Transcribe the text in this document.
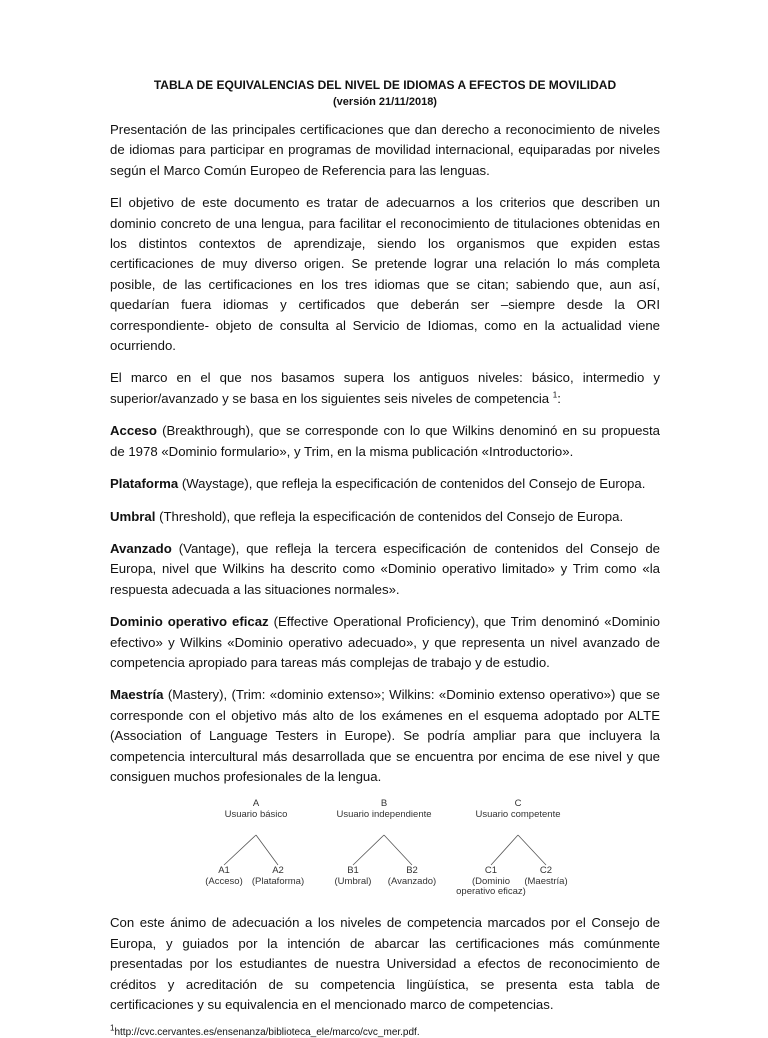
TABLA DE EQUIVALENCIAS DEL NIVEL DE IDIOMAS A EFECTOS DE MOVILIDAD
(versión 21/11/2018)

Presentación de las principales certificaciones que dan derecho a reconocimiento de niveles de idiomas para participar en programas de movilidad internacional, equiparadas por niveles según el Marco Común Europeo de Referencia para las lenguas.

El objetivo de este documento es tratar de adecuarnos a los criterios que describen un dominio concreto de una lengua, para facilitar el reconocimiento de titulaciones obtenidas en los distintos contextos de aprendizaje, siendo los organismos que expiden estas certificaciones de muy diverso origen. Se pretende lograr una relación lo más completa posible, de las certificaciones en los tres idiomas que se citan; sabiendo que, aun así, quedarían fuera idiomas y certificados que deberán ser –siempre desde la ORI correspondiente- objeto de consulta al Servicio de Idiomas, como en la actualidad viene ocurriendo.

El marco en el que nos basamos supera los antiguos niveles: básico, intermedio y superior/avanzado y se basa en los siguientes seis niveles de competencia $^1$:

Acceso (Breakthrough), que se corresponde con lo que Wilkins denominó en su propuesta de 1978 «Dominio formulario», y Trim, en la misma publicación «Introductorio».

Plataforma (Waystage), que refleja la especificación de contenidos del Consejo de Europa.

Umbral (Threshold), que refleja la especificación de contenidos del Consejo de Europa.

Avanzado (Vantage), que refleja la tercera especificación de contenidos del Consejo de Europa, nivel que Wilkins ha descrito como «Dominio operativo limitado» y Trim como «la respuesta adecuada a las situaciones normales».

Dominio operativo eficaz (Effective Operational Proficiency), que Trim denominó «Dominio efectivo» y Wilkins «Dominio operativo adecuado», y que representa un nivel avanzado de competencia apropiado para tareas más complejas de trabajo y de estudio.

Maestría (Mastery), (Trim: «dominio extenso»; Wilkins: «Dominio extenso operativo») que se corresponde con el objetivo más alto de los exámenes en el esquema adoptado por ALTE (Association of Language Testers in Europe). Se podría ampliar para que incluyera la competencia intercultural más desarrollada que se encuentra por encima de ese nivel y que consiguen muchos profesionales de la lengua.

A
Usuario básico
A1
(Acceso)
A2
(Plataforma)
B
Usuario independiente
B1
(Umbral)
B2
(Avanzado)
C
Usuario competente
C1
(Dominio
operativo eficaz)
C2
(Maestría)

Con este ánimo de adecuación a los niveles de competencia marcados por el Consejo de Europa, y guiados por la intención de abarcar las certificaciones más comúnmente presentadas por los estudiantes de nuestra Universidad a efectos de reconocimiento de créditos y acreditación de su competencia lingüística, se presenta esta tabla de certificaciones y su equivalencia en el mencionado marco de competencias.

$^1$http://cvc.cervantes.es/ensenanza/biblioteca_ele/marco/cvc_mer.pdf.
